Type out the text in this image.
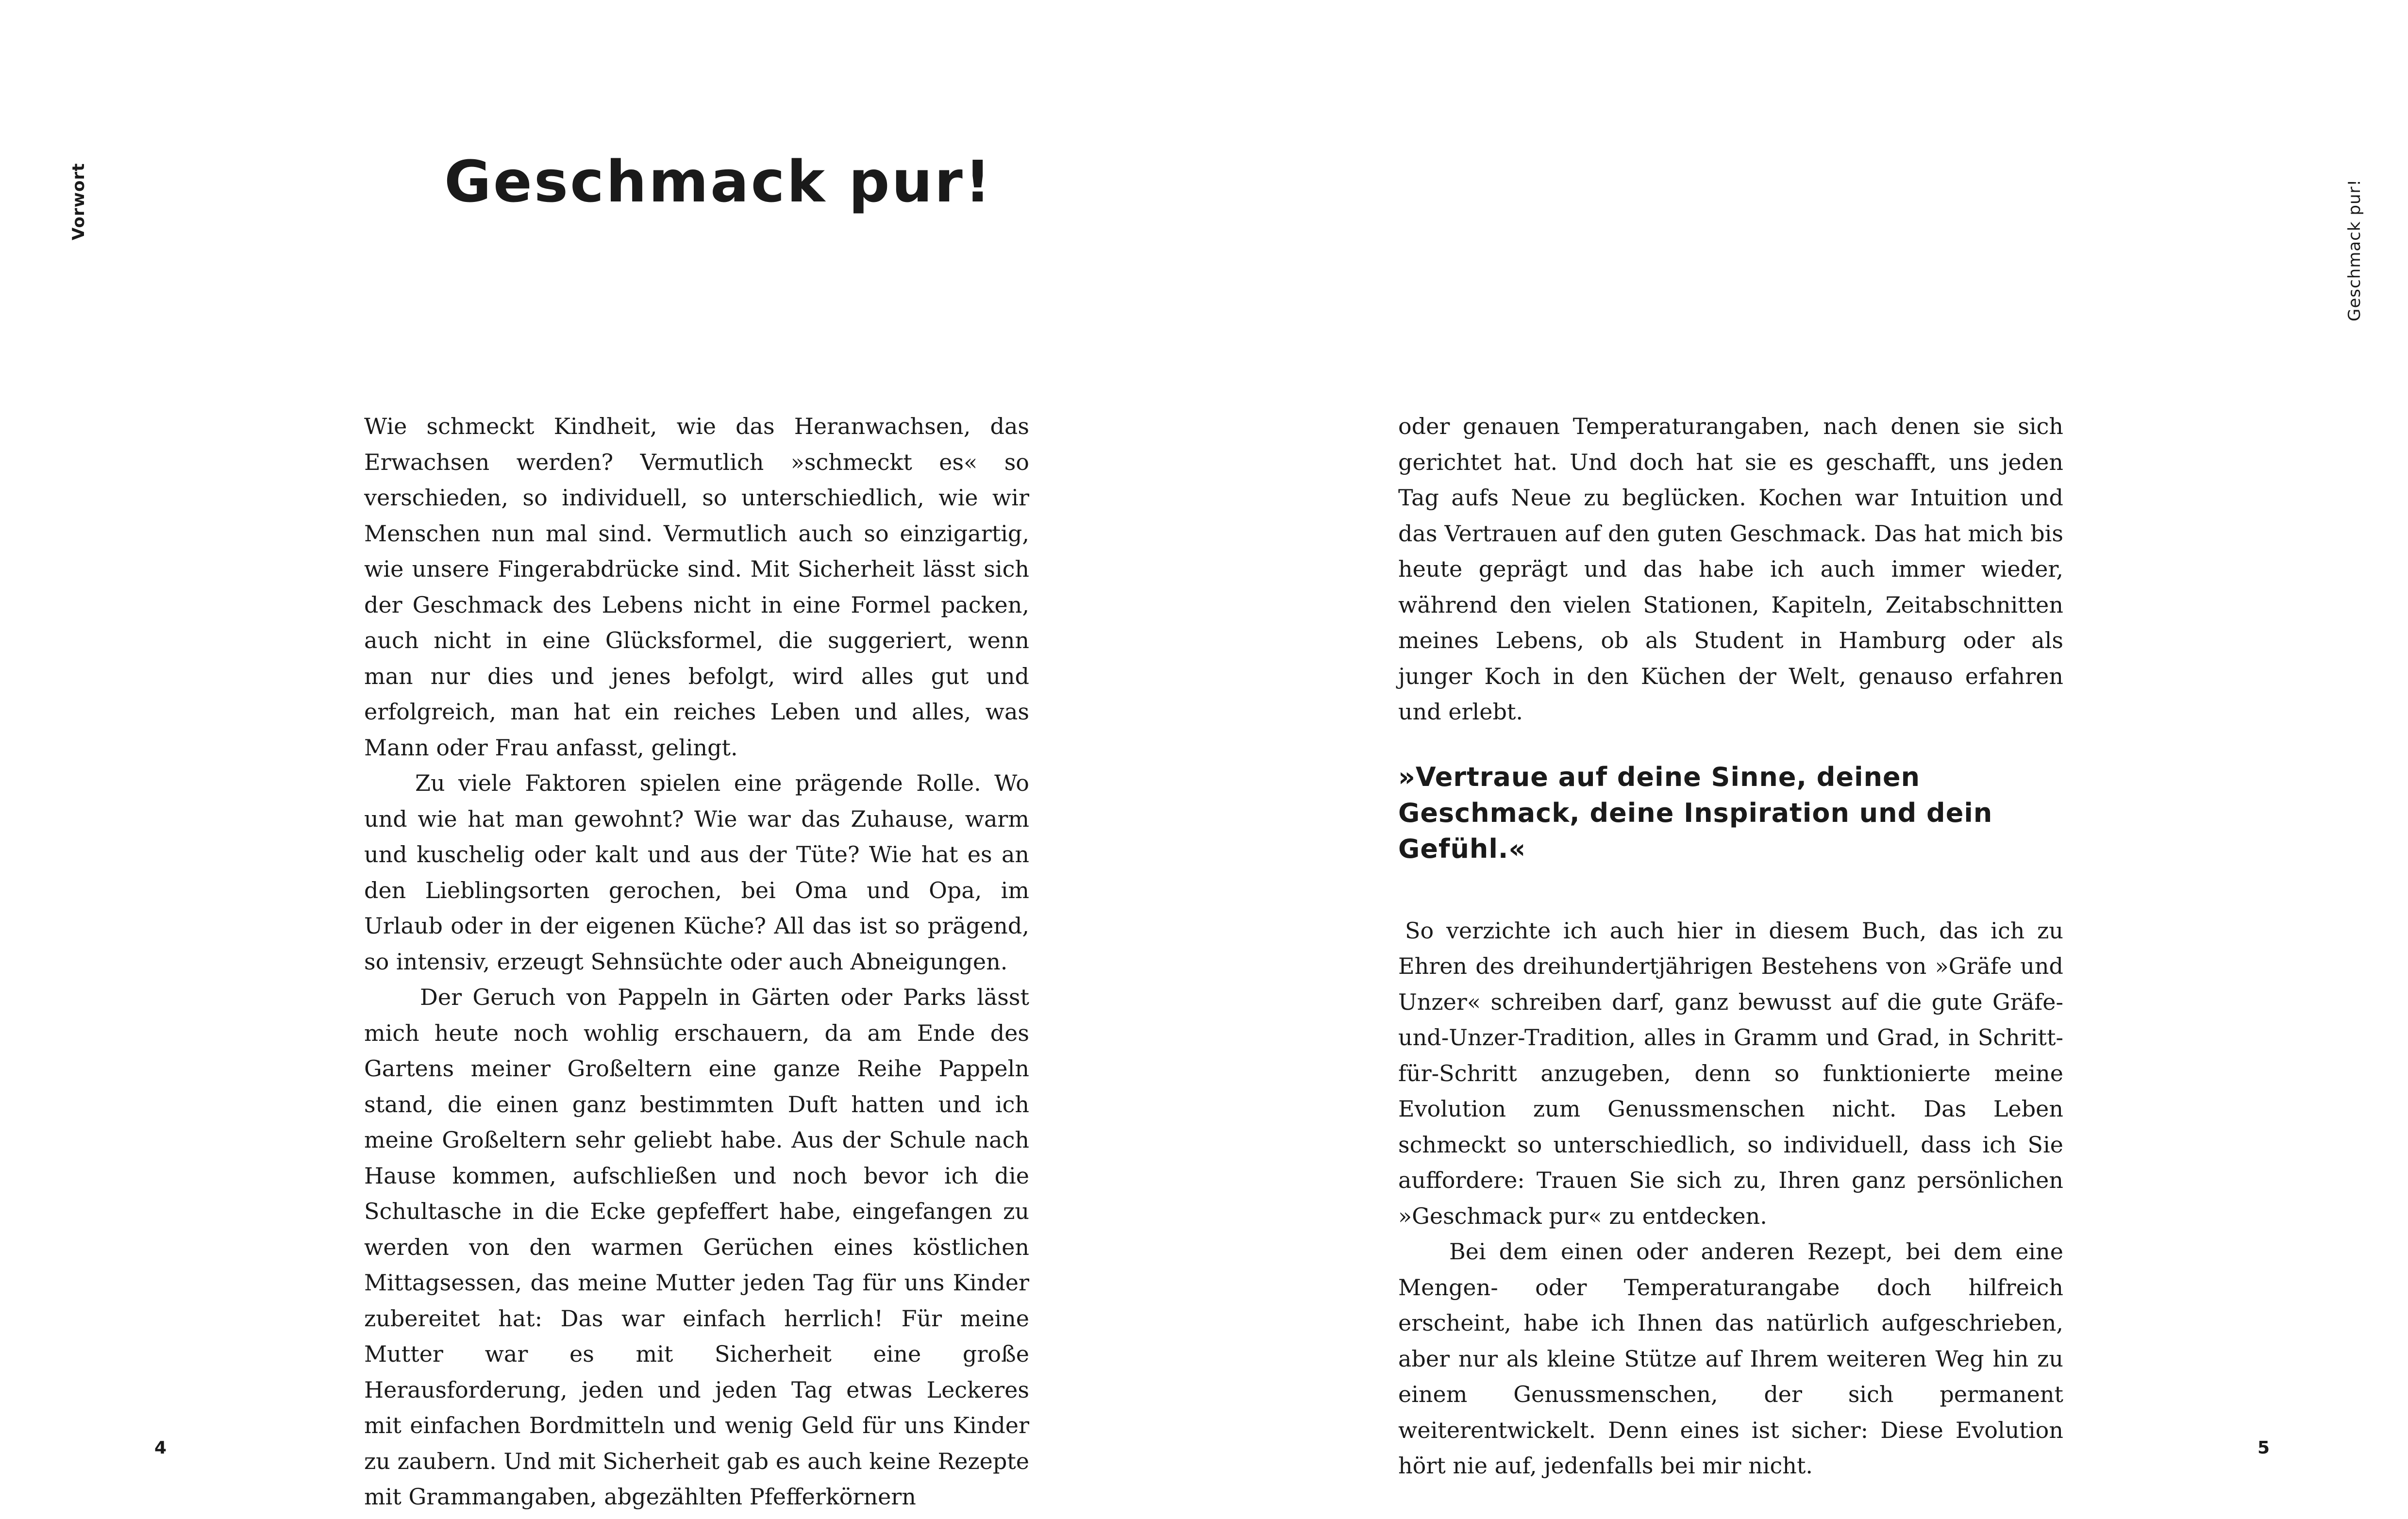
Vorwort	Geschmack pur!

Wie schmeckt Kindheit, wie das Heranwachsen, das Erwachsen werden? Vermutlich »schmeckt es« so verschieden, so individuell, so unterschiedlich, wie wir Menschen nun mal sind. Vermutlich auch so einzigartig, wie unsere Fingerabdrücke sind. Mit Sicherheit lässt sich der Geschmack des Lebens nicht in eine Formel packen, auch nicht in eine Glücksformel, die suggeriert, wenn man nur dies und jenes befolgt, wird alles gut und erfolgreich, man hat ein reiches Leben und alles, was Mann oder Frau anfasst, gelingt.

Zu viele Faktoren spielen eine prägende Rolle. Wo und wie hat man gewohnt? Wie war das Zuhause, warm und kuschelig oder kalt und aus der Tüte? Wie hat es an den Lieblingsorten gerochen, bei Oma und Opa, im Urlaub oder in der eigenen Küche? All das ist so prägend, so intensiv, erzeugt Sehnsüchte oder auch Abneigungen.

Der Geruch von Pappeln in Gärten oder Parks lässt mich heute noch wohlig erschauern, da am Ende des Gartens meiner Großeltern eine ganze Reihe Pappeln stand, die einen ganz bestimmten Duft hatten und ich meine Großeltern sehr geliebt habe. Aus der Schule nach Hause kommen, aufschließen und noch bevor ich die Schultasche in die Ecke gepfeffert habe, eingefangen zu werden von den warmen Gerüchen eines köstlichen Mittagsessen, das meine Mutter jeden Tag für uns Kinder zubereitet hat: Das war einfach herrlich! Für meine Mutter war es mit Sicherheit eine große Herausforderung, jeden und jeden Tag etwas Leckeres mit einfachen Bordmitteln und wenig Geld für uns Kinder zu zaubern. Und mit Sicherheit gab es auch keine Rezepte mit Grammangaben, abgezählten Pfefferkörnern

4
Geschmack pur!

oder genauen Temperaturangaben, nach denen sie sich gerichtet hat. Und doch hat sie es geschafft, uns jeden Tag aufs Neue zu beglücken. Kochen war Intuition und das Vertrauen auf den guten Geschmack. Das hat mich bis heute geprägt und das habe ich auch immer wieder, während den vielen Stationen, Kapiteln, Zeitabschnitten meines Lebens, ob als Student in Hamburg oder als junger Koch in den Küchen der Welt, genauso erfahren und erlebt.

»Vertraue auf deine Sinne, deinen Geschmack, deine Inspiration und dein Gefühl.«

So verzichte ich auch hier in diesem Buch, das ich zu Ehren des dreihundertjährigen Bestehens von »Gräfe und Unzer« schreiben darf, ganz bewusst auf die gute Gräfe-und-Unzer-Tradition, alles in Gramm und Grad, in Schritt-für-Schritt anzugeben, denn so funktionierte meine Evolution zum Genussmenschen nicht. Das Leben schmeckt so unterschiedlich, so individuell, dass ich Sie auffordere: Trauen Sie sich zu, Ihren ganz persönlichen »Geschmack pur« zu entdecken.

Bei dem einen oder anderen Rezept, bei dem eine Mengen- oder Temperaturangabe doch hilfreich erscheint, habe ich Ihnen das natürlich aufgeschrieben, aber nur als kleine Stütze auf Ihrem weiteren Weg hin zu einem Genussmenschen, der sich permanent weiterentwickelt. Denn eines ist sicher: Diese Evolution hört nie auf, jedenfalls bei mir nicht.

5
